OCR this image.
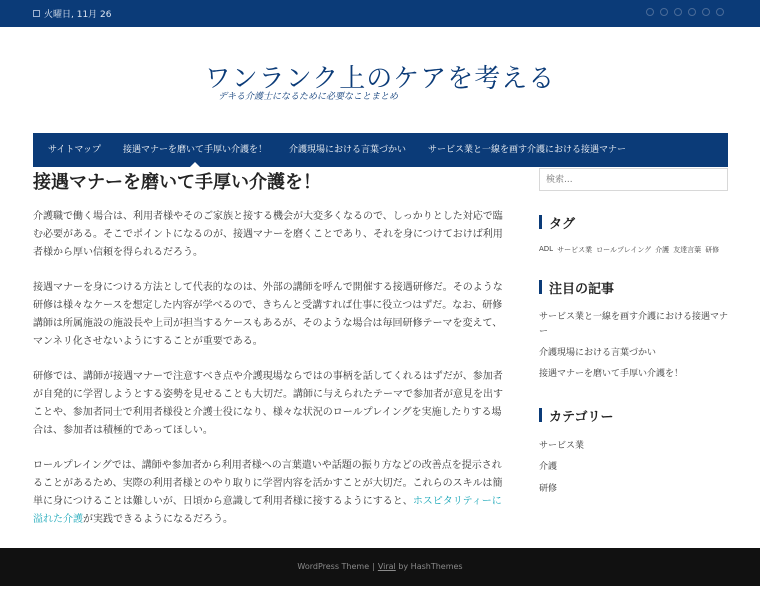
火曜日, 11月 26
ワンランク上のケアを考える
デキる介護士になるために必要なことまとめ
サイトマップ	接遇マナーを磨いて手厚い介護を！	介護現場における言葉づかい	サービス業と一線を画す介護における接遇マナー
接遇マナーを磨いて手厚い介護を！

介護職で働く場合は、利用者様やそのご家族と接する機会が大変多くなるので、しっかりとした対応で臨む必要がある。そこでポイントになるのが、接遇マナーを磨くことであり、それを身につけておけば利用者様から厚い信頼を得られるだろう。

接遇マナーを身につける方法として代表的なのは、外部の講師を呼んで開催する接遇研修だ。そのような研修は様々なケースを想定した内容が学べるので、きちんと受講すれば仕事に役立つはずだ。なお、研修講師は所属施設の施設長や上司が担当するケースもあるが、そのような場合は毎回研修テーマを変えて、マンネリ化させないようにすることが重要である。

研修では、講師が接遇マナーで注意すべき点や介護現場ならではの事柄を話してくれるはずだが、参加者が自発的に学習しようとする姿勢を見せることも大切だ。講師に与えられたテーマで参加者が意見を出すことや、参加者同士で利用者様役と介護士役になり、様々な状況のロールプレイングを実施したりする場合は、参加者は積極的であってほしい。

ロールプレイングでは、講師や参加者から利用者様への言葉遣いや話題の振り方などの改善点を提示されることがあるため、実際の利用者様とのやり取りに学習内容を活かすことが大切だ。これらのスキルは簡単に身につけることは難しいが、日頃から意識して利用者様に接するようにすると、ホスピタリティーに溢れた介護が実践できるようになるだろう。

検索...
タグ
ADL サービス業 ロールプレイング 介護 友達言葉 研修
注目の記事
サービス業と一線を画す介護における接遇マナー
介護現場における言葉づかい
接遇マナーを磨いて手厚い介護を！
カテゴリー
サービス業
介護
研修
WordPress Theme | Viral by HashThemes
